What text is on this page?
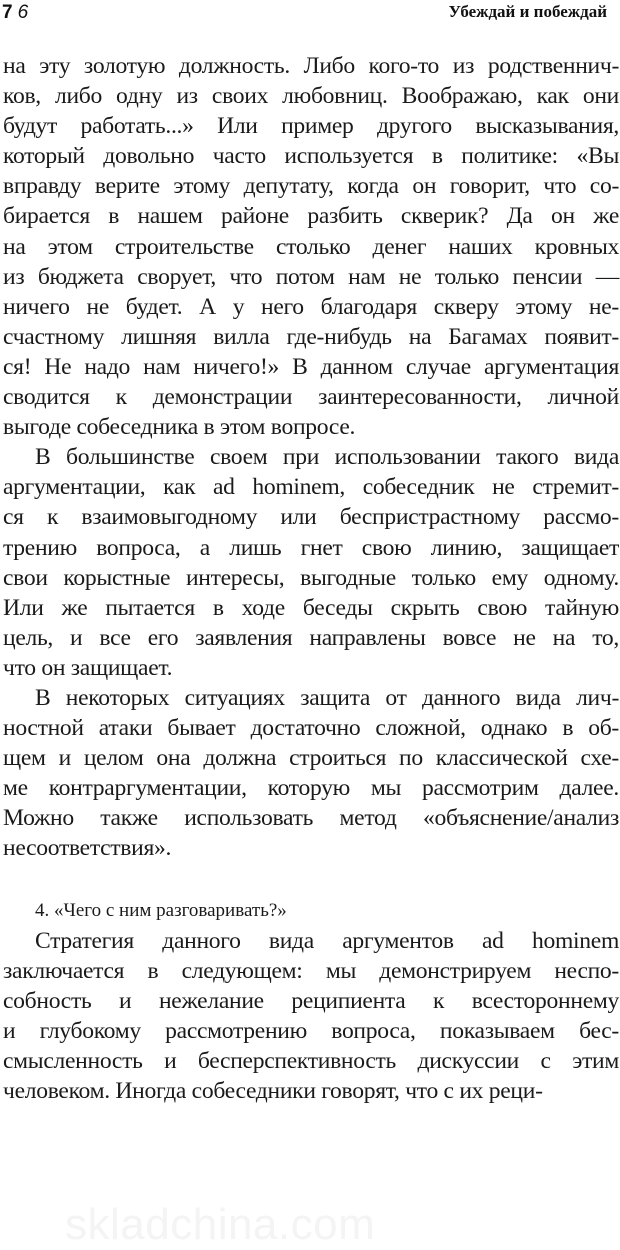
7 6	Убеждай и побеждай

на эту золотую должность. Либо кого-то из родственнич-
ков, либо одну из своих любовниц. Воображаю, как они
будут работать...» Или пример другого высказывания,
который довольно часто используется в политике: «Вы
вправду верите этому депутату, когда он говорит, что со-
бирается в нашем районе разбить скверик? Да он же
на этом строительстве столько денег наших кровных
из бюджета сворует, что потом нам не только пенсии —
ничего не будет. А у него благодаря скверу этому не-
счастному лишняя вилла где-нибудь на Багамах появит-
ся! Не надо нам ничего!» В данном случае аргументация
сводится к демонстрации заинтересованности, личной
выгоде собеседника в этом вопросе.

В большинстве своем при использовании такого вида
аргументации, как ad hominem, собеседник не стремит-
ся к взаимовыгодному или беспристрастному рассмо-
трению вопроса, а лишь гнет свою линию, защищает
свои корыстные интересы, выгодные только ему одному.
Или же пытается в ходе беседы скрыть свою тайную
цель, и все его заявления направлены вовсе не на то,
что он защищает.

В некоторых ситуациях защита от данного вида лич-
ностной атаки бывает достаточно сложной, однако в об-
щем и целом она должна строиться по классической схе-
ме контраргументации, которую мы рассмотрим далее.
Можно также использовать метод «объяснение/анализ
несоответствия».

4. «Чего с ним разговаривать?»

Стратегия данного вида аргументов ad hominem
заключается в следующем: мы демонстрируем неспо-
собность и нежелание реципиента к всестороннему
и глубокому рассмотрению вопроса, показываем бес-
смысленность и бесперспективность дискуссии с этим
человеком. Иногда собеседники говорят, что с их реци-

skladchina.com
